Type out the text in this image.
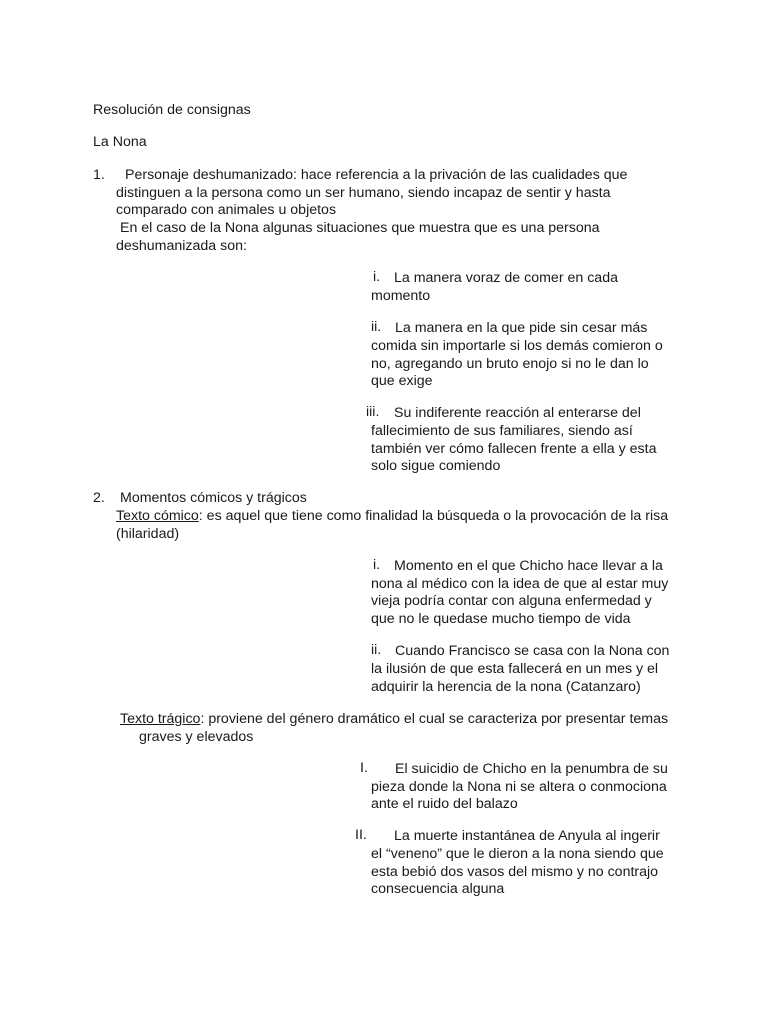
Resolución de consignas
La Nona
1. Personaje deshumanizado: hace referencia a la privación de las cualidades que
distinguen a la persona como un ser humano, siendo incapaz de sentir y hasta
comparado con animales u objetos
En el caso de la Nona algunas situaciones que muestra que es una persona
deshumanizada son:
i. La manera voraz de comer en cada
momento
ii. La manera en la que pide sin cesar más
comida sin importarle si los demás comieron o
no, agregando un bruto enojo si no le dan lo
que exige
iii. Su indiferente reacción al enterarse del
fallecimiento de sus familiares, siendo así
también ver cómo fallecen frente a ella y esta
solo sigue comiendo
2. Momentos cómicos y trágicos
Texto cómico: es aquel que tiene como finalidad la búsqueda o la provocación de la risa
(hilaridad)
i. Momento en el que Chicho hace llevar a la
nona al médico con la idea de que al estar muy
vieja podría contar con alguna enfermedad y
que no le quedase mucho tiempo de vida
ii. Cuando Francisco se casa con la Nona con
la ilusión de que esta fallecerá en un mes y el
adquirir la herencia de la nona (Catanzaro)
Texto trágico: proviene del género dramático el cual se caracteriza por presentar temas
graves y elevados
I. El suicidio de Chicho en la penumbra de su
pieza donde la Nona ni se altera o conmociona
ante el ruido del balazo
II. La muerte instantánea de Anyula al ingerir
el “veneno” que le dieron a la nona siendo que
esta bebió dos vasos del mismo y no contrajo
consecuencia alguna
